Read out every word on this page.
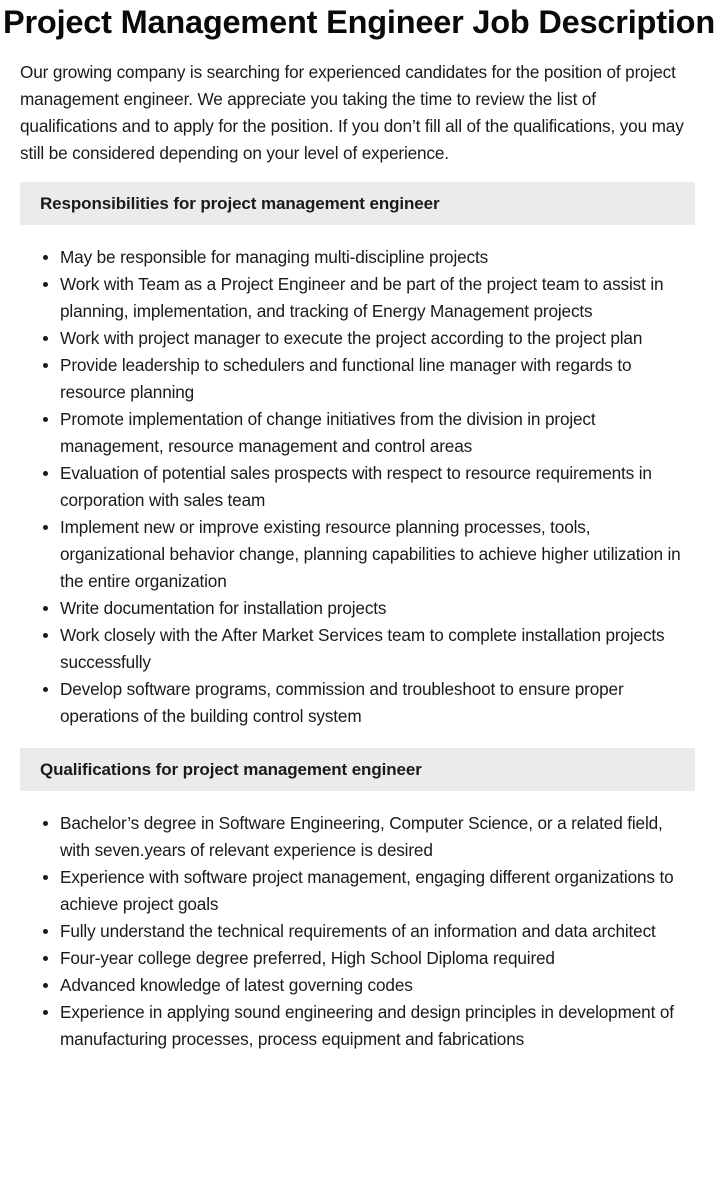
Project Management Engineer Job Description

Our growing company is searching for experienced candidates for the position of project management engineer. We appreciate you taking the time to review the list of qualifications and to apply for the position. If you don’t fill all of the qualifications, you may still be considered depending on your level of experience.

Responsibilities for project management engineer
May be responsible for managing multi-discipline projects
Work with Team as a Project Engineer and be part of the project team to assist in planning, implementation, and tracking of Energy Management projects
Work with project manager to execute the project according to the project plan
Provide leadership to schedulers and functional line manager with regards to resource planning
Promote implementation of change initiatives from the division in project management, resource management and control areas
Evaluation of potential sales prospects with respect to resource requirements in corporation with sales team
Implement new or improve existing resource planning processes, tools, organizational behavior change, planning capabilities to achieve higher utilization in the entire organization
Write documentation for installation projects
Work closely with the After Market Services team to complete installation projects successfully
Develop software programs, commission and troubleshoot to ensure proper operations of the building control system
Qualifications for project management engineer
Bachelor’s degree in Software Engineering, Computer Science, or a related field, with seven.years of relevant experience is desired
Experience with software project management, engaging different organizations to achieve project goals
Fully understand the technical requirements of an information and data architect
Four-year college degree preferred, High School Diploma required
Advanced knowledge of latest governing codes
Experience in applying sound engineering and design principles in development of manufacturing processes, process equipment and fabrications
